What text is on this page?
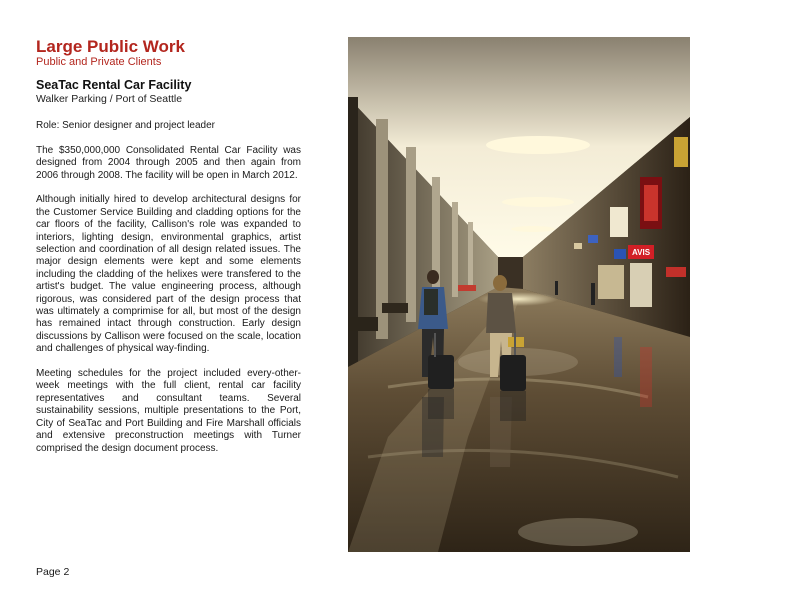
Large Public Work

Public and Private Clients

SeaTac Rental Car Facility

Walker Parking / Port of Seattle

Role: Senior designer and project leader

The $350,000,000 Consolidated Rental Car Facility was designed from 2004 through 2005 and then again from 2006 through 2008. The facility will be open in March 2012.

Although initially hired to develop architectural designs for the Customer Service Building and cladding options for the car floors of the facility, Callison's role was expanded to interiors, lighting design, environmental graphics, artist selection and coordination of all design related issues. The major design elements were kept and some elements including the cladding of the helixes were transfered to the artist's budget. The value engineering process, although rigorous, was considered part of the design process that was ultimately a comprimise for all, but most of the design has remained intact through construction. Early design discussions by Callison were focused on the scale, location and challenges of physical way-finding.

Meeting schedules for the project included every-other-week meetings with the full client, rental car facility representatives and consultant teams. Several sustainability sessions, multiple presentations to the Port, City of SeaTac and Port Building and Fire Marshall officials and extensive preconstruction meetings with Turner comprised the design document process.

AVIS
Page 2
